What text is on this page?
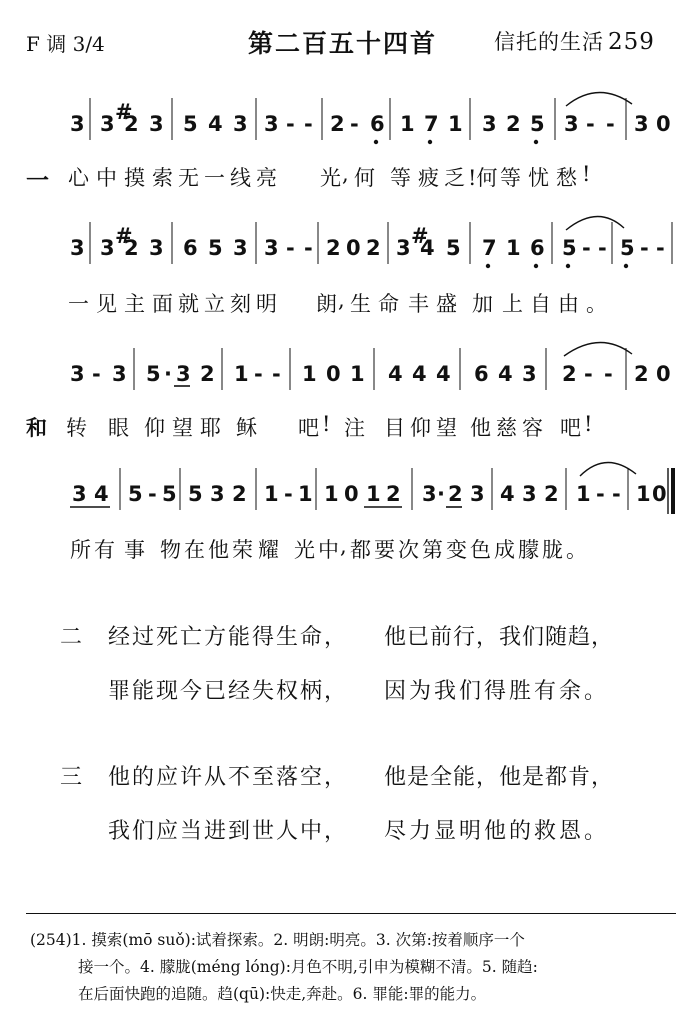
F 调 3/4	第二百五十四首	信托的生活 259
3 3 #
2 3 5 4 3 3 - - 2 - 6 1 7 1 3 2 5 3 - - 3 0
3 3 #
2 3 6 5 3 3 - - 2 0 2 3 #
4 5 7 1 6 5 - - 5 - -
3 - 3 5 · 3 2 1 - - 1 0 1 4 4 4 6 4 3 2 - - 2 0
3 4 5 - 5 5 3 2 1 - 1 1 0 1 2 3 · 2 3 4 3 2 1 - - 1 0
一 心 中 摸 索 无 一 线 亮 光 , 何 等 疲 乏 !何 等 忧 愁 !
一 见 主 面 就 立 刻 明 朗 , 生 命 丰 盛 加 上 自 由 。
和 转 眼 仰 望 耶 稣 吧 ! 注 目 仰 望 他 慈 容 吧 !
所 有 事 物 在 他 荣 耀 光 中 , 都 要 次 第 变 色 成 朦 胧 。
二 经过死亡方能得生命， 他已前行，我们随趋，
罪能现今已经失权柄， 因为我们得胜有余。
三 他的应许从不至落空， 他是全能，他是都肯，
我们应当进到世人中， 尽力显明他的救恩。
(254)1. 摸索(mō suǒ):试着探索。2. 明朗:明亮。3. 次第:按着顺序一个
接一个。4. 朦胧(méng lóng):月色不明,引申为模糊不清。5. 随趋:
在后面快跑的追随。趋(qū):快走,奔赴。6. 罪能:罪的能力。
